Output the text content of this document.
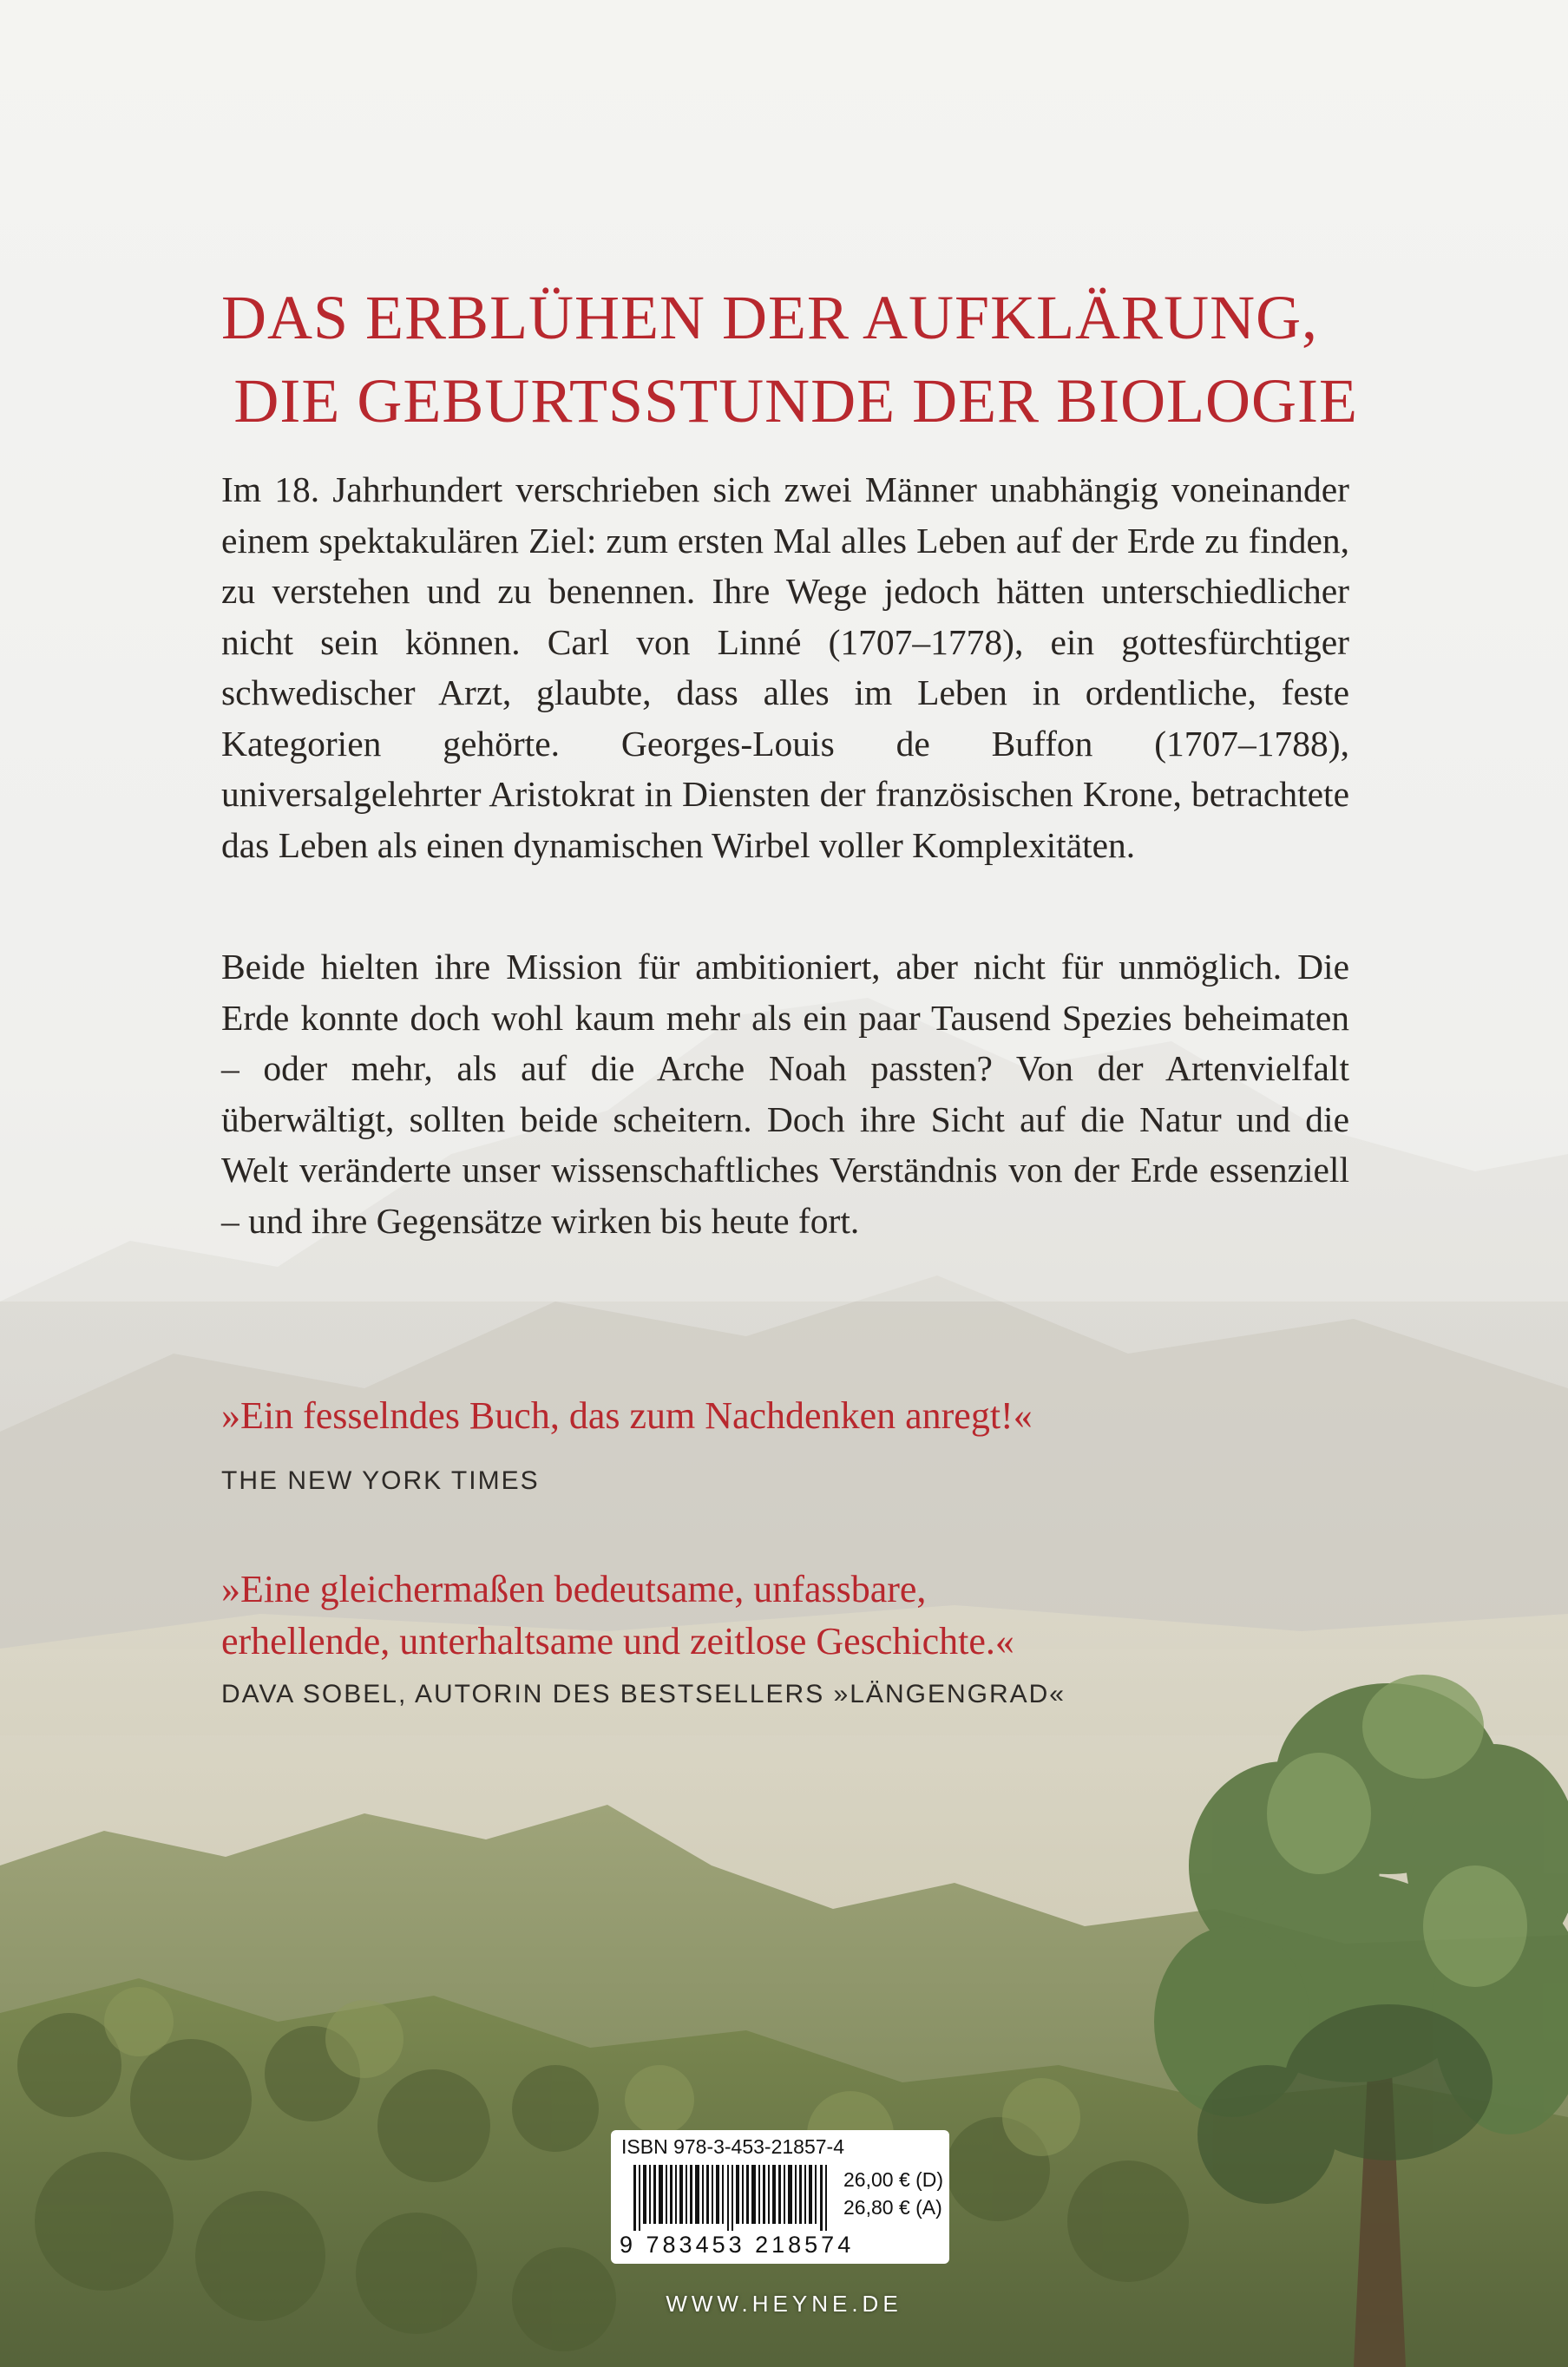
DAS ERBLÜHEN DER AUFKLÄRUNG,
DIE GEBURTSSTUNDE DER BIOLOGIE

Im 18. Jahrhundert verschrieben sich zwei Männer unabhängig voneinander einem spektakulären Ziel: zum ersten Mal alles Leben auf der Erde zu finden, zu verstehen und zu benennen. Ihre Wege jedoch hätten unterschiedlicher nicht sein können. Carl von Linné (1707–1778), ein gottesfürchtiger schwedischer Arzt, glaubte, dass alles im Leben in ordentliche, feste Kategorien gehörte. Georges-Louis de Buffon (1707–1788), universalgelehrter Aristokrat in Diensten der französischen Krone, betrachtete das Leben als einen dynamischen Wirbel voller Komplexitäten.

Beide hielten ihre Mission für ambitioniert, aber nicht für unmöglich. Die Erde konnte doch wohl kaum mehr als ein paar Tausend Spezies beheimaten – oder mehr, als auf die Arche Noah passten? Von der Artenvielfalt überwältigt, sollten beide scheitern. Doch ihre Sicht auf die Natur und die Welt veränderte unser wissenschaftliches Verständnis von der Erde essenziell – und ihre Gegensätze wirken bis heute fort.

»Ein fesselndes Buch, das zum Nachdenken anregt!«

THE NEW YORK TIMES

»Eine gleichermaßen bedeutsame, unfassbare,
erhellende, unterhaltsame und zeitlose Geschichte.«

DAVA SOBEL, AUTORIN DES BESTSELLERS »LÄNGENGRAD«

ISBN 978-3-453-21857-4
9 783453 218574
26,00 € (D)
26,80 € (A)
WWW.HEYNE.DE
